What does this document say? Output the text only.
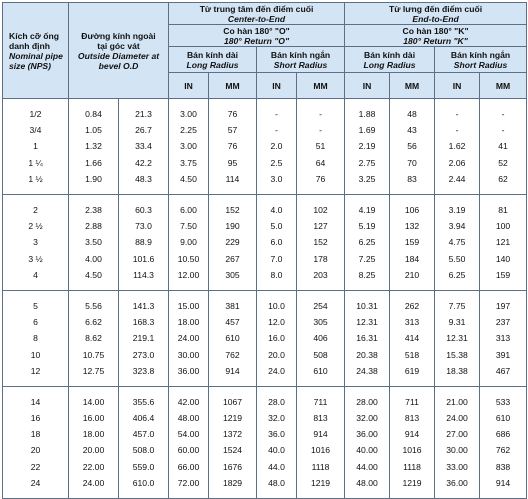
Kích cỡ ống
danh định
Nominal pipe
size (NPS)	Đường kính ngoài
tại góc vát
Outside Diameter at
bevel O.D		Từ trung tâm đến điểm cuối
Center-to-End				Từ lưng đến điểm cuối
End-to-End				

			Co hàn 180° "O"
180° Return "O"				Co hàn 180° "K"
180° Return "K"				

			Bán kính dài
Long Radius		Bán kính ngắn
Short Radius		Bán kính dài
Long Radius		Bán kính ngắn
Short Radius		

			IN	MM	IN	MM	IN	MM	IN	MM		

1/2	0.84	21.3	3.00	76	-	-	1.88	48	-	-	
3/4	1.05	26.7	2.25	57	-	-	1.69	43	-	-	
1	1.32	33.4	3.00	76	2.0	51	2.19	56	1.62	41	
1 ¼	1.66	42.2	3.75	95	2.5	64	2.75	70	2.06	52	
1 ½	1.90	48.3	4.50	114	3.0	76	3.25	83	2.44	62	

2	2.38	60.3	6.00	152	4.0	102	4.19	106	3.19	81	
2 ½	2.88	73.0	7.50	190	5.0	127	5.19	132	3.94	100	
3	3.50	88.9	9.00	229	6.0	152	6.25	159	4.75	121	
3 ½	4.00	101.6	10.50	267	7.0	178	7.25	184	5.50	140	
4	4.50	114.3	12.00	305	8.0	203	8.25	210	6.25	159	

5	5.56	141.3	15.00	381	10.0	254	10.31	262	7.75	197	
6	6.62	168.3	18.00	457	12.0	305	12.31	313	9.31	237	
8	8.62	219.1	24.00	610	16.0	406	16.31	414	12.31	313	
10	10.75	273.0	30.00	762	20.0	508	20.38	518	15.38	391	
12	12.75	323.8	36.00	914	24.0	610	24.38	619	18.38	467	

14	14.00	355.6	42.00	1067	28.0	711	28.00	711	21.00	533	
16	16.00	406.4	48.00	1219	32.0	813	32.00	813	24.00	610	
18	18.00	457.0	54.00	1372	36.0	914	36.00	914	27.00	686	
20	20.00	508.0	60.00	1524	40.0	1016	40.00	1016	30.00	762	
22	22.00	559.0	66.00	1676	44.0	1118	44.00	1118	33.00	838	
24	24.00	610.0	72.00	1829	48.0	1219	48.00	1219	36.00	914	
